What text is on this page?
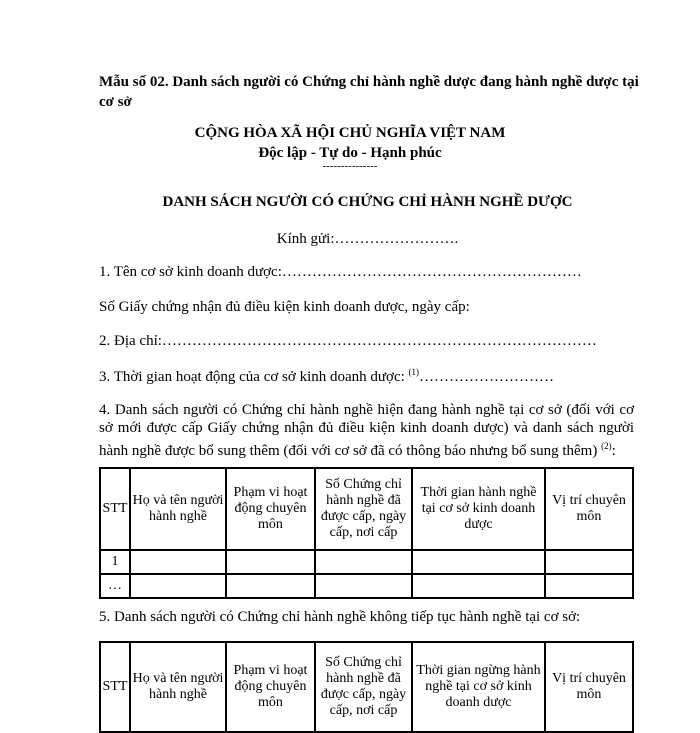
Mẫu số 02. Danh sách người có Chứng chỉ hành nghề dược đang hành nghề dược tại cơ sở
CỘNG HÒA XÃ HỘI CHỦ NGHĨA VIỆT NAM
Độc lập - Tự do - Hạnh phúc
---------------
DANH SÁCH NGƯỜI CÓ CHỨNG CHỈ HÀNH NGHỀ DƯỢC
Kính gửi:…………………….
1. Tên cơ sở kinh doanh dược:……………………………………………………
Số Giấy chứng nhận đủ điều kiện kinh doanh dược, ngày cấp:
2. Địa chỉ:……………………………………………………………………………
3. Thời gian hoạt động của cơ sở kinh doanh dược: $^{(1)}$………………………
4. Danh sách người có Chứng chỉ hành nghề hiện đang hành nghề tại cơ sở (đối với cơ sở mới được cấp Giấy chứng nhận đủ điều kiện kinh doanh dược) và danh sách người hành nghề được bổ sung thêm (đối với cơ sở đã có thông báo nhưng bổ sung thêm) $^{(2)}$:
STT	Họ và tên người hành nghề	Phạm vi hoạt động chuyên môn	Số Chứng chỉ hành nghề đã được cấp, ngày cấp, nơi cấp	Thời gian hành nghề tại cơ sở kinh doanh dược	Vị trí chuyên môn
1					
…					
5. Danh sách người có Chứng chỉ hành nghề không tiếp tục hành nghề tại cơ sở:
STT	Họ và tên người hành nghề	Phạm vi hoạt động chuyên môn	Số Chứng chỉ hành nghề đã được cấp, ngày cấp, nơi cấp	Thời gian ngừng hành nghề tại cơ sở kinh doanh dược	Vị trí chuyên môn
